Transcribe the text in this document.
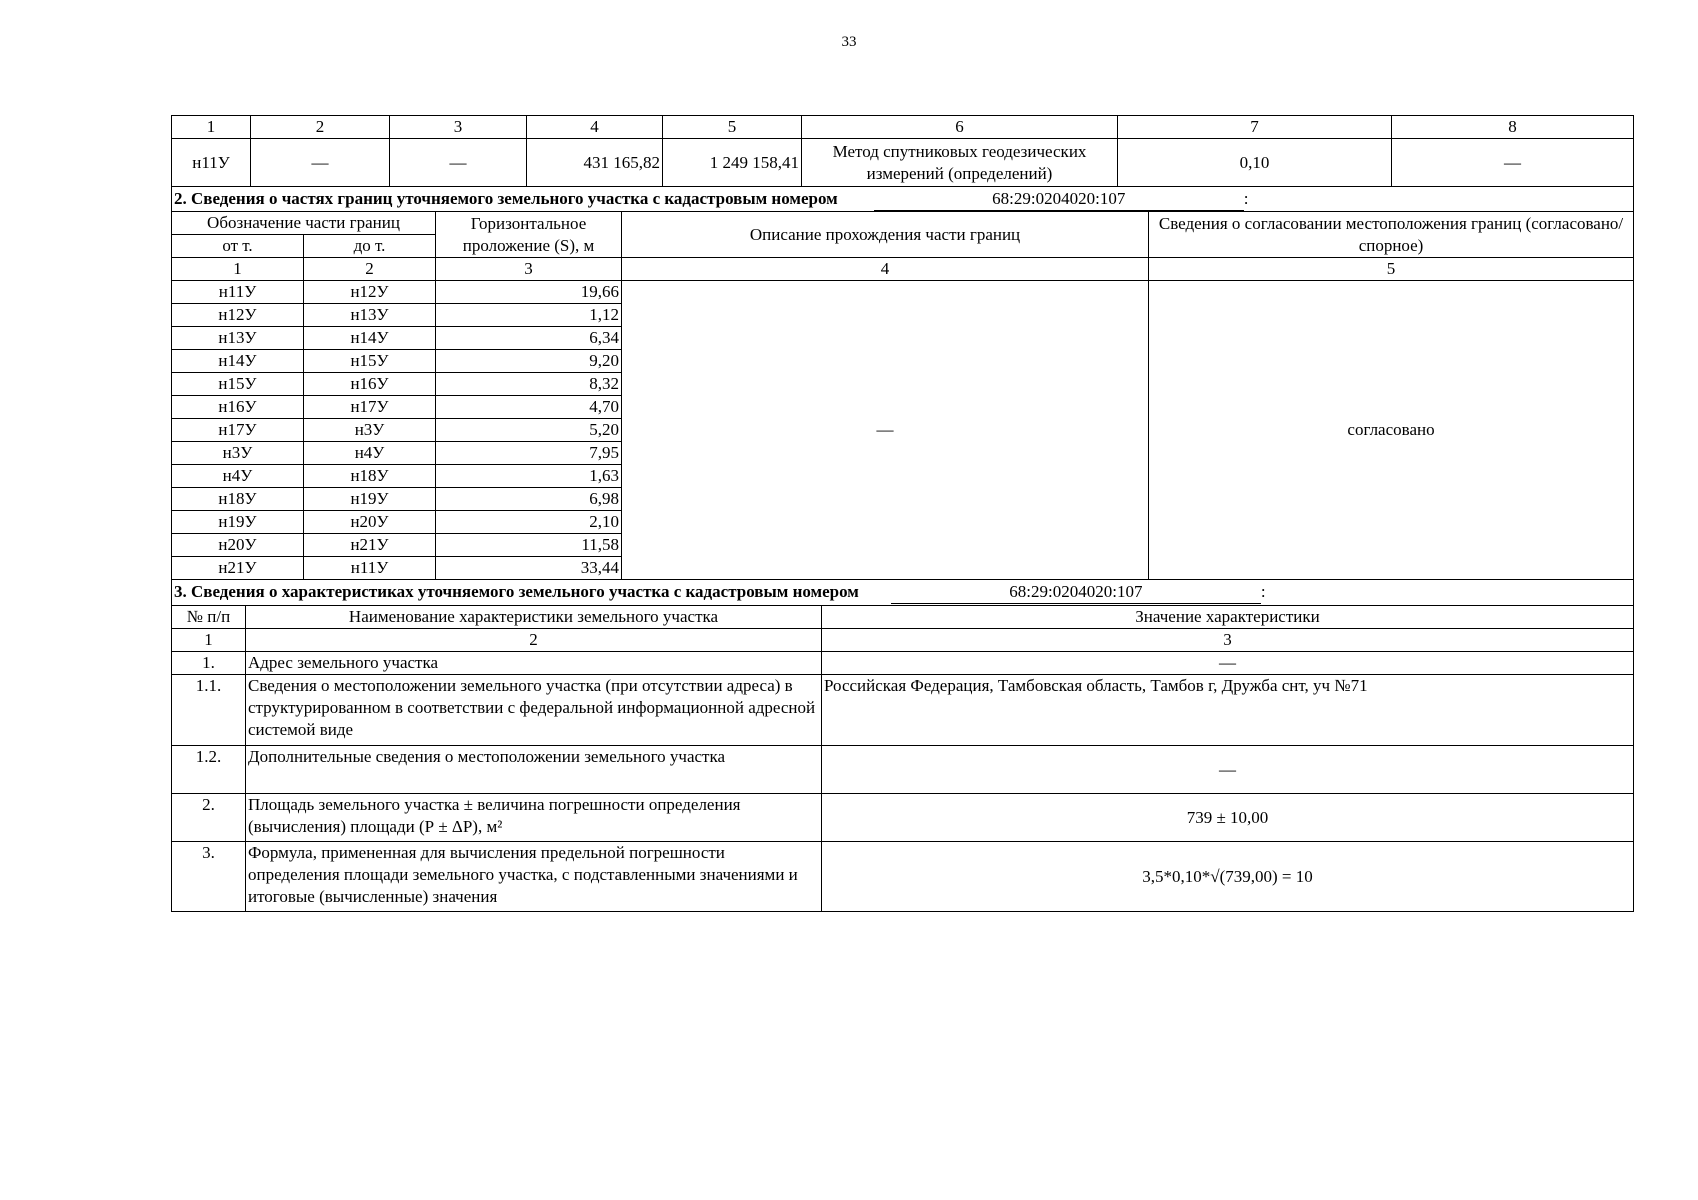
33
1	2	3	4	5	6	7	8
н11У	—	—	431 165,82	1 249 158,41	Метод спутниковых геодезических измерений (определений)	0,10	—
2. Сведения о частях границ уточняемого земельного участка с кадастровым номером 68:29:0204020:107 :							
Обозначение части границ		Горизонтальное проложение (S), м	Описание прохождения части границ	Сведения о согласовании местоположения границ (согласовано/спорное)
от т.	до т.			
1	2	3	4	5
н11У	н12У	19,66	—	согласовано
н12У	н13У	1,12		
н13У	н14У	6,34		
н14У	н15У	9,20		
н15У	н16У	8,32		
н16У	н17У	4,70		
н17У	н3У	5,20		
н3У	н4У	7,95		
н4У	н18У	1,63		
н18У	н19У	6,98		
н19У	н20У	2,10		
н20У	н21У	11,58		
н21У	н11У	33,44		
3. Сведения о характеристиках уточняемого земельного участка с кадастровым номером 68:29:0204020:107 :				
№ п/п	Наименование характеристики земельного участка	Значение характеристики
1	2	3
1.	Адрес земельного участка	—
1.1.	Сведения о местоположении земельного участка (при отсутствии адреса) в структурированном в соответствии с федеральной информационной адресной системой виде	Российская Федерация, Тамбовская область, Тамбов г, Дружба снт, уч №71
1.2.	Дополнительные сведения о местоположении земельного участка	—
2.	Площадь земельного участка ± величина погрешности определения (вычисления) площади (Р ± ΔР), м²	739 ± 10,00
3.	Формула, примененная для вычисления предельной погрешности определения площади земельного участка, с подставленными значениями и итоговые (вычисленные) значения	3,5*0,10*√(739,00) = 10
